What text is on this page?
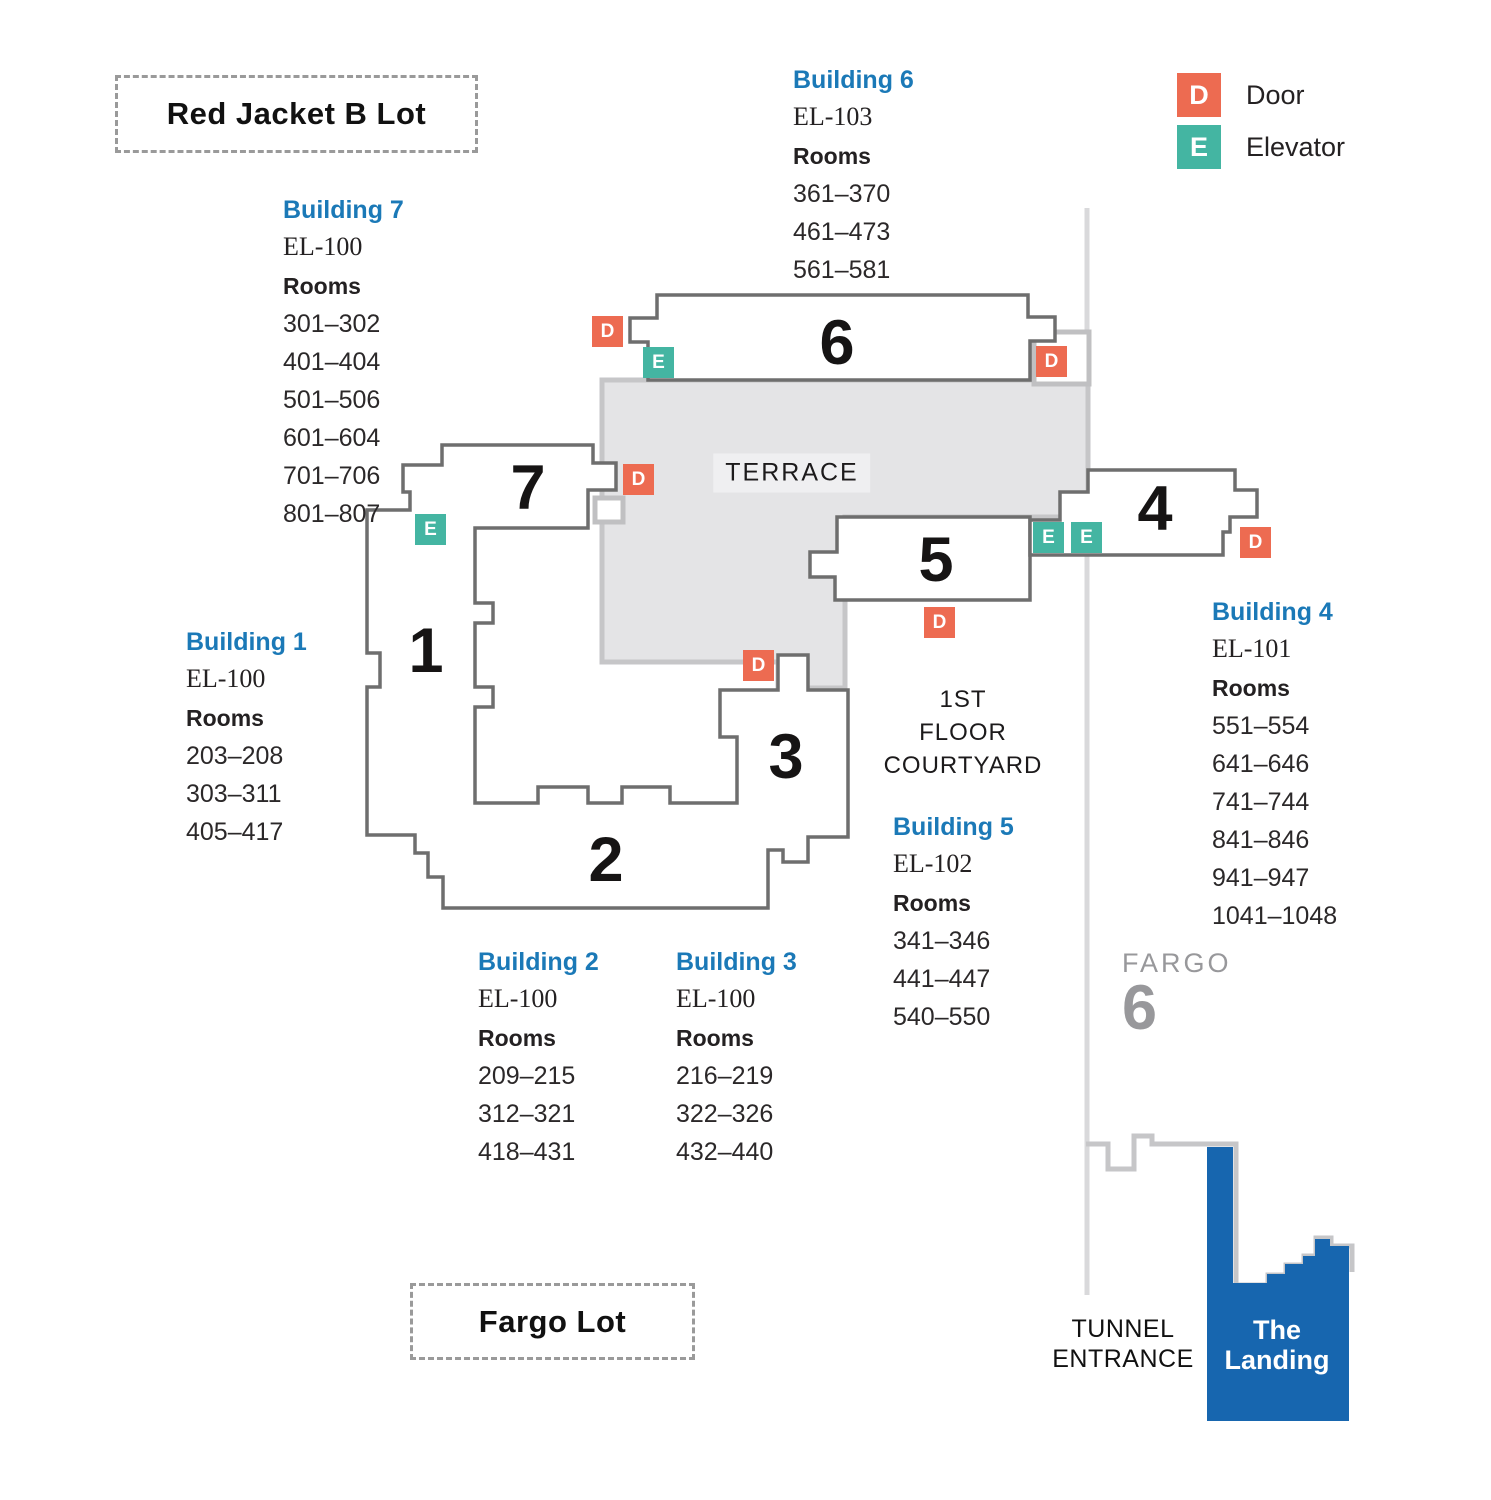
Red Jacket B Lot
Fargo Lot
D	Door
E	Elevator
Building 7
EL-100
Rooms
301–302
401–404
501–506
601–604
701–706
801–807
Building 6
EL-103
Rooms
361–370
461–473
561–581
Building 1
EL-100
Rooms
203–208
303–311
405–417
Building 4
EL-101
Rooms
551–554
641–646
741–744
841–846
941–947
1041–1048
Building 5
EL-102
Rooms
341–346
441–447
540–550
Building 2
EL-100
Rooms
209–215
312–321
418–431
Building 3
EL-100
Rooms
216–219
322–326
432–440
6
7
1
5
4
3
2
D
E	D
D
E
D
E	E	D
D
TERRACE
1ST
FLOOR
COURTYARD
FARGO
6
TUNNEL
ENTRANCE
The
Landing
